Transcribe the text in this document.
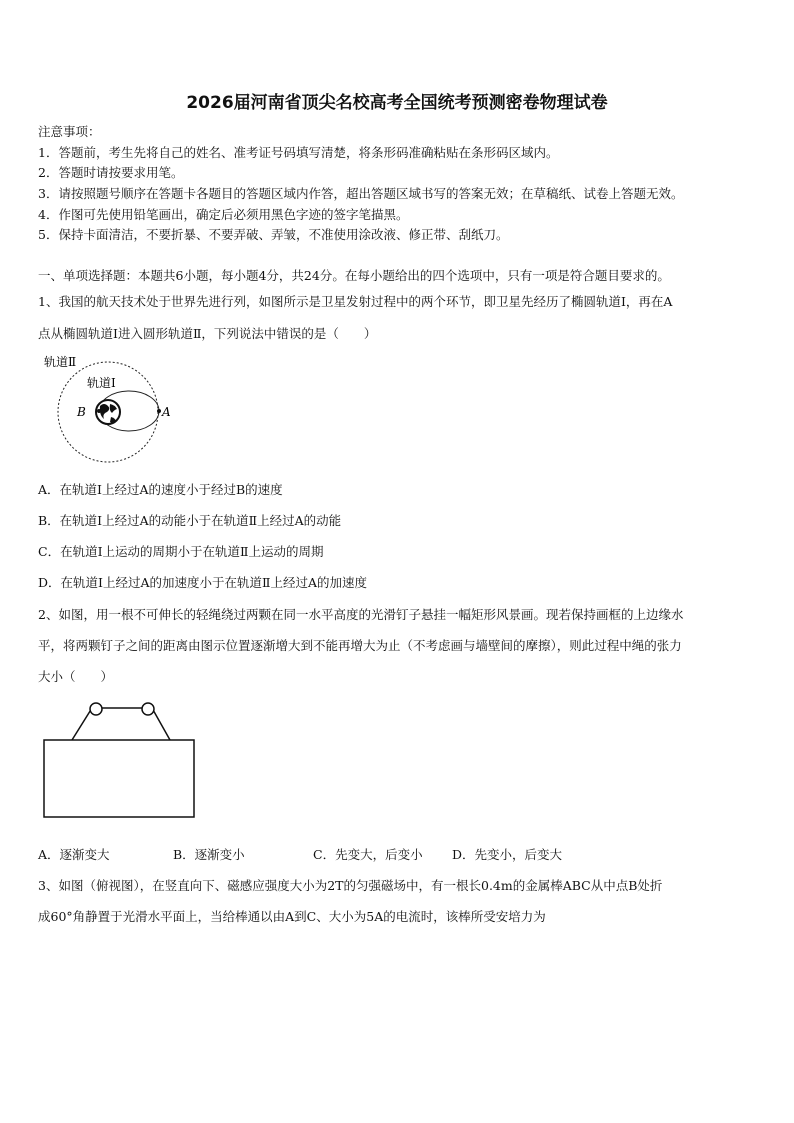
2026届河南省顶尖名校高考全国统考预测密卷物理试卷
注意事项：
1．答题前，考生先将自己的姓名、准考证号码填写清楚，将条形码准确粘贴在条形码区域内。
2．答题时请按要求用笔。
3．请按照题号顺序在答题卡各题目的答题区域内作答，超出答题区域书写的答案无效；在草稿纸、试卷上答题无效。
4．作图可先使用铅笔画出，确定后必须用黑色字迹的签字笔描黑。
5．保持卡面清洁，不要折暴、不要弄破、弄皱，不准使用涂改液、修正带、刮纸刀。
一、单项选择题：本题共6小题，每小题4分，共24分。在每小题给出的四个选项中，只有一项是符合题目要求的。
1、我国的航天技术处于世界先进行列，如图所示是卫星发射过程中的两个环节，即卫星先经历了椭圆轨道Ⅰ，再在A
点从椭圆轨道Ⅰ进入圆形轨道Ⅱ，下列说法中错误的是（　　）
轨道Ⅱ
轨道Ⅰ
B	A
A．在轨道Ⅰ上经过A的速度小于经过B的速度
B．在轨道Ⅰ上经过A的动能小于在轨道Ⅱ上经过A的动能
C．在轨道Ⅰ上运动的周期小于在轨道Ⅱ上运动的周期
D．在轨道Ⅰ上经过A的加速度小于在轨道Ⅱ上经过A的加速度
2、如图，用一根不可伸长的轻绳绕过两颗在同一水平高度的光滑钉子悬挂一幅矩形风景画。现若保持画框的上边缘水
平，将两颗钉子之间的距离由图示位置逐渐增大到不能再增大为止（不考虑画与墙壁间的摩擦），则此过程中绳的张力
大小（　　）
A．逐渐变大	B．逐渐变小	C．先变大，后变小 D．先变小，后变大
3、如图（俯视图），在竖直向下、磁感应强度大小为2T的匀强磁场中，有一根长0.4m的金属棒ABC从中点B处折
成60°角静置于光滑水平面上，当给棒通以由A到C、大小为5A的电流时，该棒所受安培力为
